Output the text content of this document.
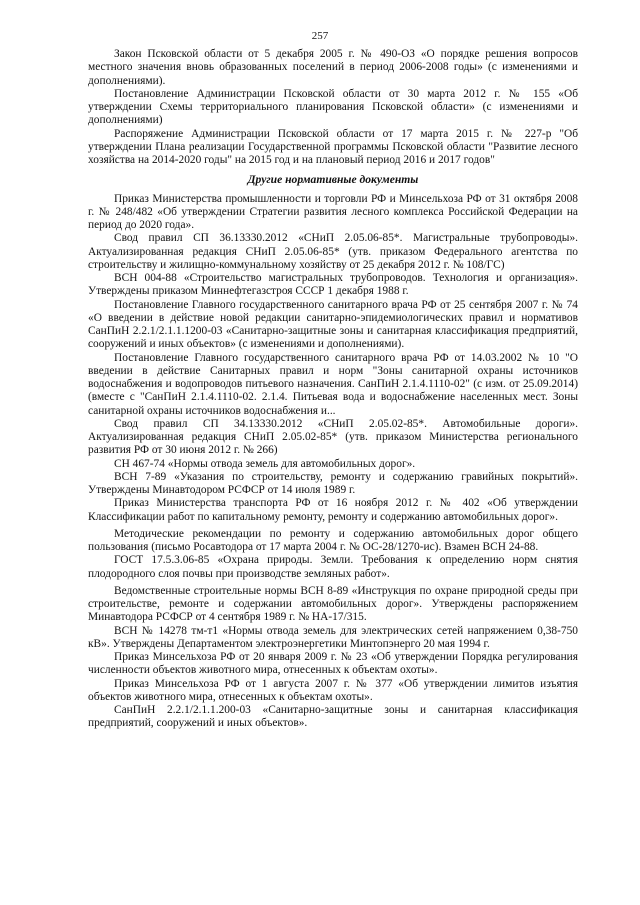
257

Закон Псковской области от 5 декабря 2005 г. № 490-ОЗ «О порядке решения вопросов местного значения вновь образованных поселений в период 2006-2008 годы» (с изменениями и дополнениями).

Постановление Администрации Псковской области от 30 марта 2012 г. № 155 «Об утверждении Схемы территориального планирования Псковской области» (с изменениями и дополнениями)

Распоряжение Администрации Псковской области от 17 марта 2015 г. № 227-р "Об утверждении Плана реализации Государственной программы Псковской области "Развитие лесного хозяйства на 2014-2020 годы" на 2015 год и на плановый период 2016 и 2017 годов"

Другие нормативные документы

Приказ Министерства промышленности и торговли РФ и Минсельхоза РФ от 31 октября 2008 г. № 248/482 «Об утверждении Стратегии развития лесного комплекса Российской Федерации на период до 2020 года».

Свод правил СП 36.13330.2012 «СНиП 2.05.06-85*. Магистральные трубопроводы». Актуализированная редакция СНиП 2.05.06-85* (утв. приказом Федерального агентства по строительству и жилищно-коммунальному хозяйству от 25 декабря 2012 г. № 108/ГС)

ВСН 004-88 «Строительство магистральных трубопроводов. Технология и организация». Утверждены приказом Миннефтегазстроя СССР 1 декабря 1988 г.

Постановление Главного государственного санитарного врача РФ от 25 сентября 2007 г. № 74 «О введении в действие новой редакции санитарно-эпидемиологических правил и нормативов СанПиН 2.2.1/2.1.1.1200-03 «Санитарно-защитные зоны и санитарная классификация предприятий, сооружений и иных объектов» (с изменениями и дополнениями).

Постановление Главного государственного санитарного врача РФ от 14.03.2002 № 10 "О введении в действие Санитарных правил и норм "Зоны санитарной охраны источников водоснабжения и водопроводов питьевого назначения. СанПиН 2.1.4.1110-02" (с изм. от 25.09.2014) (вместе с "СанПиН 2.1.4.1110-02. 2.1.4. Питьевая вода и водоснабжение населенных мест. Зоны санитарной охраны источников водоснабжения и...

Свод правил СП 34.13330.2012 «СНиП 2.05.02-85*. Автомобильные дороги». Актуализированная редакция СНиП 2.05.02-85* (утв. приказом Министерства регионального развития РФ от 30 июня 2012 г. № 266)

СН 467-74 «Нормы отвода земель для автомобильных дорог».

ВСН 7-89 «Указания по строительству, ремонту и содержанию гравийных покрытий». Утверждены Минавтодором РСФСР от 14 июля 1989 г.

Приказ Министерства транспорта РФ от 16 ноября 2012 г. № 402 «Об утверждении Классификации работ по капитальному ремонту, ремонту и содержанию автомобильных дорог».

Методические рекомендации по ремонту и содержанию автомобильных дорог общего пользования (письмо Росавтодора от 17 марта 2004 г. № ОС-28/1270-ис). Взамен ВСН 24-88.

ГОСТ 17.5.3.06-85 «Охрана природы. Земли. Требования к определению норм снятия плодородного слоя почвы при производстве земляных работ».

Ведомственные строительные нормы ВСН 8-89 «Инструкция по охране природной среды при строительстве, ремонте и содержании автомобильных дорог». Утверждены распоряжением Минавтодора РСФСР от 4 сентября 1989 г. № НА-17/315.

ВСН № 14278 тм-т1 «Нормы отвода земель для электрических сетей напряжением 0,38-750 кВ». Утверждены Департаментом электроэнергетики Минтопэнерго 20 мая 1994 г.

Приказ Минсельхоза РФ от 20 января 2009 г. № 23 «Об утверждении Порядка регулирования численности объектов животного мира, отнесенных к объектам охоты».

Приказ Минсельхоза РФ от 1 августа 2007 г. № 377 «Об утверждении лимитов изъятия объектов животного мира, отнесенных к объектам охоты».

СанПиН 2.2.1/2.1.1.200-03 «Санитарно-защитные зоны и санитарная классификация предприятий, сооружений и иных объектов».
